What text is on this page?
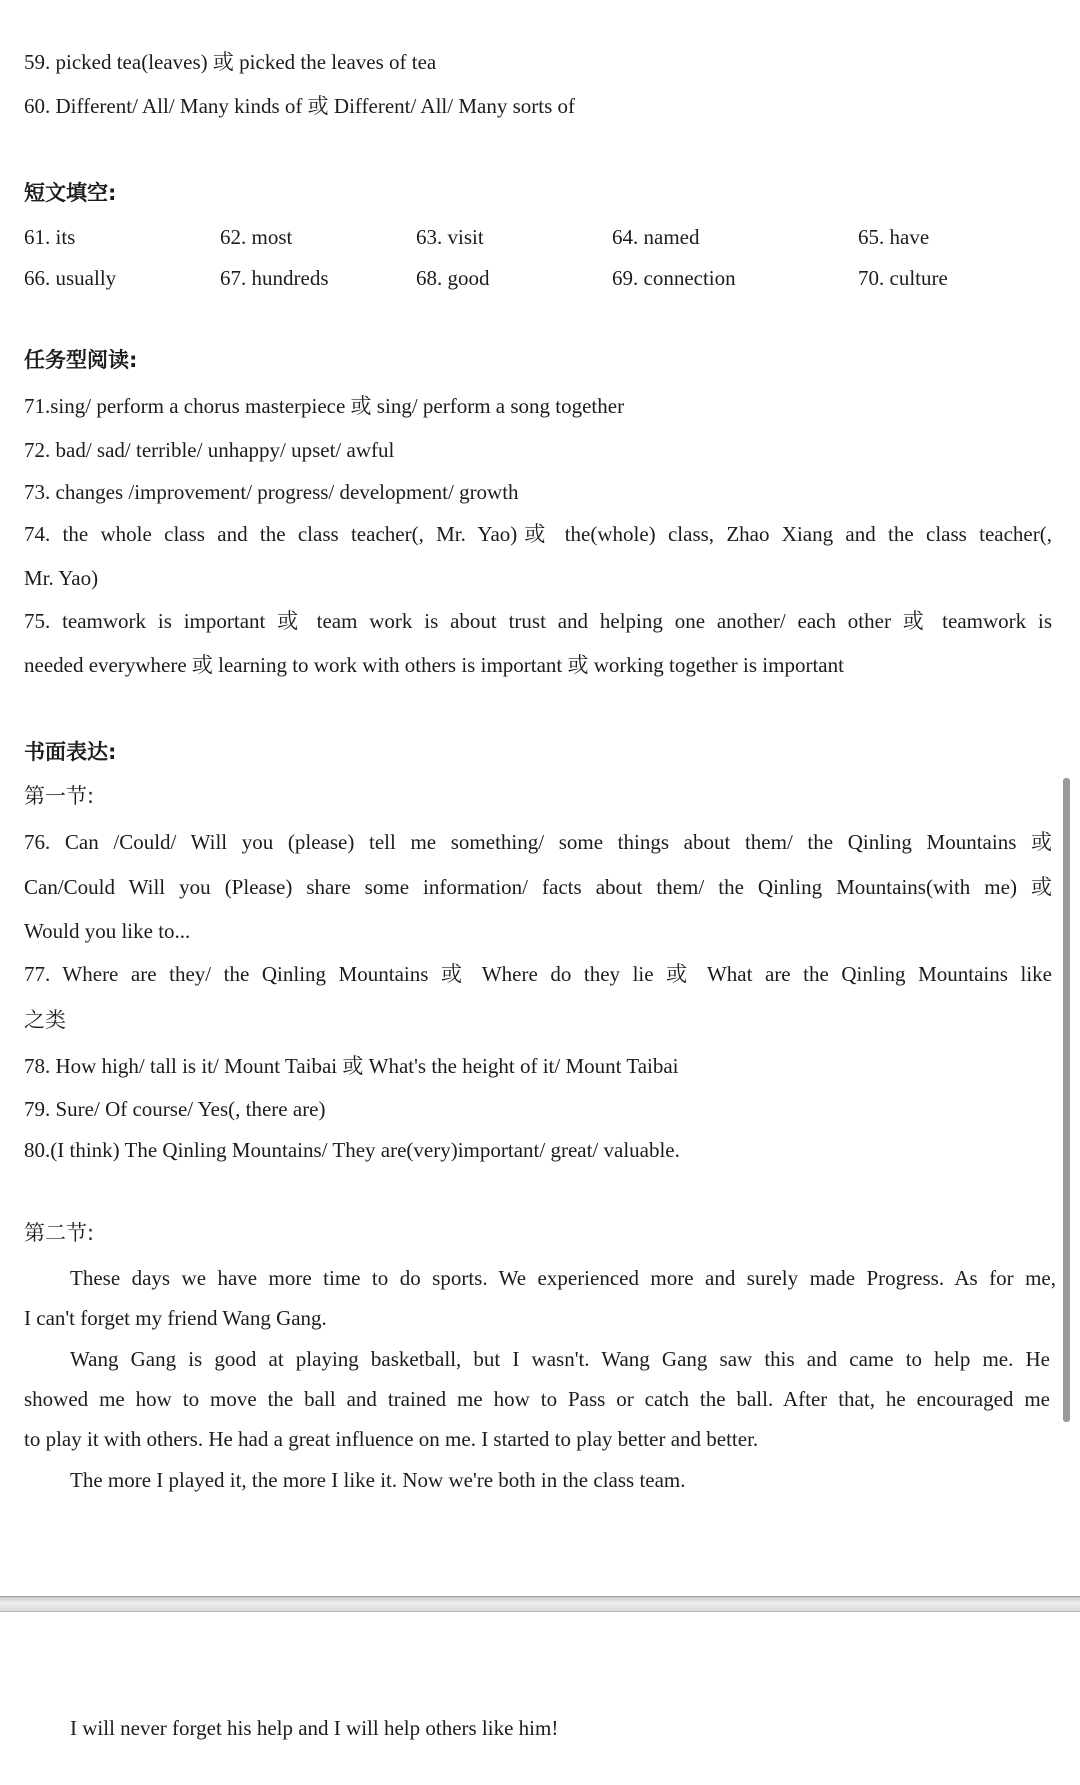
59. picked tea(leaves) 或 picked the leaves of tea
60. Different/ All/ Many kinds of 或 Different/ All/ Many sorts of
短文填空:
61. its	62. most	63. visit	64. named	65. have
66. usually	67. hundreds	68. good	69. connection	70. culture
任务型阅读:
71.sing/ perform a chorus masterpiece 或 sing/ perform a song together
72. bad/ sad/ terrible/ unhappy/ upset/ awful
73. changes /improvement/ progress/ development/ growth
74. the whole class and the class teacher(, Mr. Yao)或 the(whole) class, Zhao Xiang and the class teacher(,
Mr. Yao)
75. teamwork is important 或 team work is about trust and helping one another/ each other 或 teamwork is
needed everywhere 或 learning to work with others is important 或 working together is important
书面表达:
第一节:
76. Can /Could/ Will you (please) tell me something/ some things about them/ the Qinling Mountains 或
Can/Could Will you (Please) share some information/ facts about them/ the Qinling Mountains(with me) 或
Would you like to...
77. Where are they/ the Qinling Mountains 或 Where do they lie 或 What are the Qinling Mountains like
之类
78. How high/ tall is it/ Mount Taibai 或 What's the height of it/ Mount Taibai
79. Sure/ Of course/ Yes(, there are)
80.(I think) The Qinling Mountains/ They are(very)important/ great/ valuable.
第二节:
These days we have more time to do sports. We experienced more and surely made Progress. As for me,
I can't forget my friend Wang Gang.
Wang Gang is good at playing basketball, but I wasn't. Wang Gang saw this and came to help me. He
showed me how to move the ball and trained me how to Pass or catch the ball. After that, he encouraged me
to play it with others. He had a great influence on me. I started to play better and better.
The more I played it, the more I like it. Now we're both in the class team.
I will never forget his help and I will help others like him!
